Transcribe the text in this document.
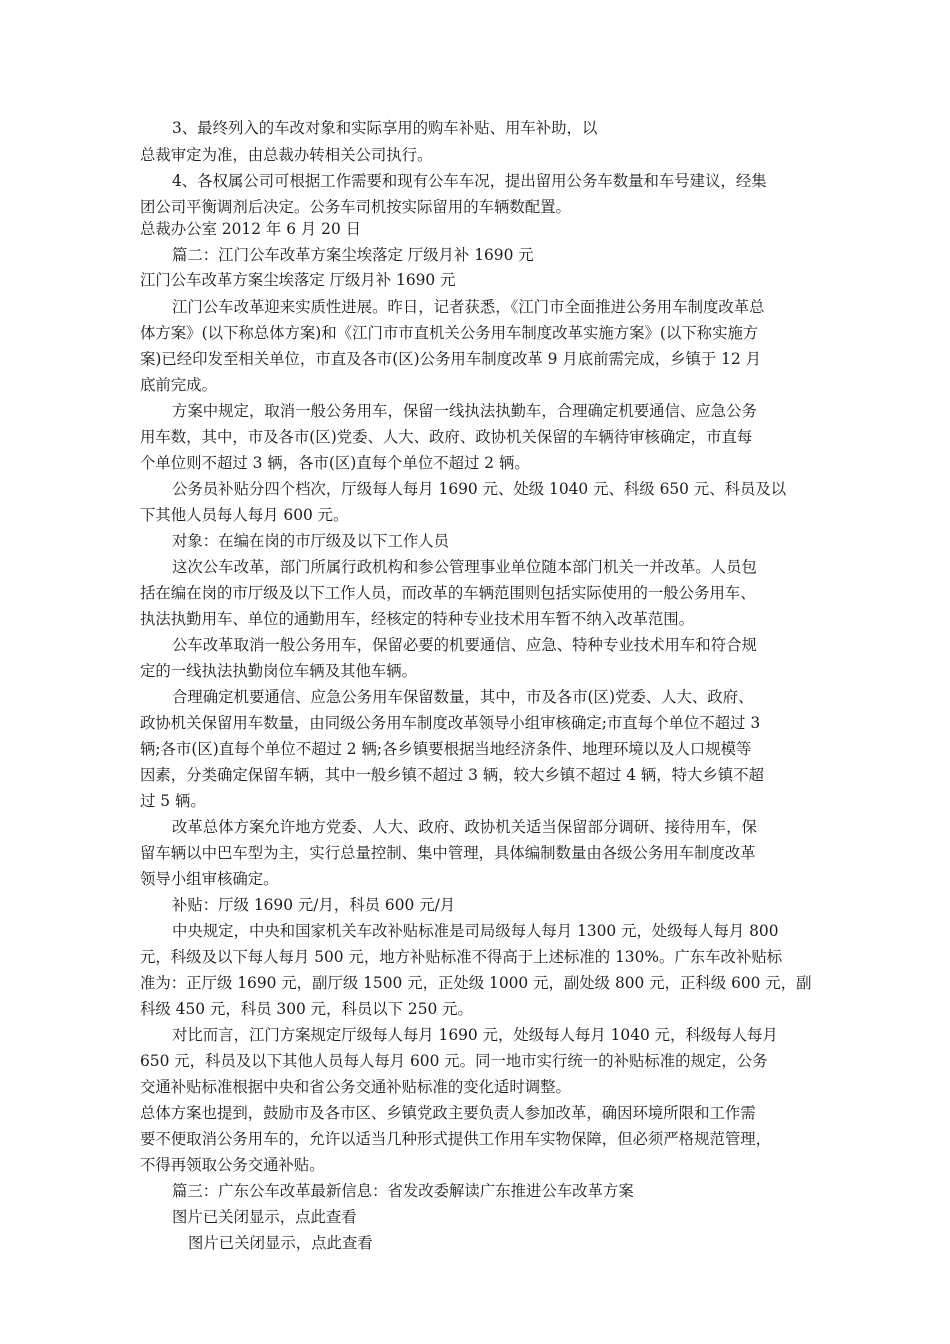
3、最终列入的车改对象和实际享用的购车补贴、用车补助，以

总裁审定为准，由总裁办转相关公司执行。

4、各权属公司可根据工作需要和现有公车车况，提出留用公务车数量和车号建议，经集

团公司平衡调剂后决定。公务车司机按实际留用的车辆数配置。

总裁办公室 2012 年 6 月 20 日

篇二：江门公车改革方案尘埃落定 厅级月补 1690 元

江门公车改革方案尘埃落定 厅级月补 1690 元

江门公车改革迎来实质性进展。昨日，记者获悉，《江门市全面推进公务用车制度改革总

体方案》(以下称总体方案)和《江门市市直机关公务用车制度改革实施方案》(以下称实施方

案)已经印发至相关单位，市直及各市(区)公务用车制度改革 9 月底前需完成，乡镇于 12 月

底前完成。

方案中规定，取消一般公务用车，保留一线执法执勤车，合理确定机要通信、应急公务

用车数，其中，市及各市(区)党委、人大、政府、政协机关保留的车辆待审核确定，市直每

个单位则不超过 3 辆，各市(区)直每个单位不超过 2 辆。

公务员补贴分四个档次，厅级每人每月 1690 元、处级 1040 元、科级 650 元、科员及以

下其他人员每人每月 600 元。

对象：在编在岗的市厅级及以下工作人员

这次公车改革，部门所属行政机构和参公管理事业单位随本部门机关一并改革。人员包

括在编在岗的市厅级及以下工作人员，而改革的车辆范围则包括实际使用的一般公务用车、

执法执勤用车、单位的通勤用车，经核定的特种专业技术用车暂不纳入改革范围。

公车改革取消一般公务用车，保留必要的机要通信、应急、特种专业技术用车和符合规

定的一线执法执勤岗位车辆及其他车辆。

合理确定机要通信、应急公务用车保留数量，其中，市及各市(区)党委、人大、政府、

政协机关保留用车数量，由同级公务用车制度改革领导小组审核确定;市直每个单位不超过 3

辆;各市(区)直每个单位不超过 2 辆;各乡镇要根据当地经济条件、地理环境以及人口规模等

因素，分类确定保留车辆，其中一般乡镇不超过 3 辆，较大乡镇不超过 4 辆，特大乡镇不超

过 5 辆。

改革总体方案允许地方党委、人大、政府、政协机关适当保留部分调研、接待用车，保

留车辆以中巴车型为主，实行总量控制、集中管理，具体编制数量由各级公务用车制度改革

领导小组审核确定。

补贴：厅级 1690 元/月，科员 600 元/月

中央规定，中央和国家机关车改补贴标准是司局级每人每月 1300 元，处级每人每月 800

元，科级及以下每人每月 500 元，地方补贴标准不得高于上述标准的 130%。广东车改补贴标

准为：正厅级 1690 元，副厅级 1500 元，正处级 1000 元，副处级 800 元，正科级 600 元，副

科级 450 元，科员 300 元，科员以下 250 元。

对比而言，江门方案规定厅级每人每月 1690 元，处级每人每月 1040 元，科级每人每月

650 元，科员及以下其他人员每人每月 600 元。同一地市实行统一的补贴标准的规定，公务

交通补贴标准根据中央和省公务交通补贴标准的变化适时调整。

总体方案也提到，鼓励市及各市区、乡镇党政主要负责人参加改革，确因环境所限和工作需

要不便取消公务用车的，允许以适当几种形式提供工作用车实物保障，但必须严格规范管理，

不得再领取公务交通补贴。

篇三：广东公车改革最新信息：省发改委解读广东推进公车改革方案

图片已关闭显示，点此查看

图片已关闭显示，点此查看
